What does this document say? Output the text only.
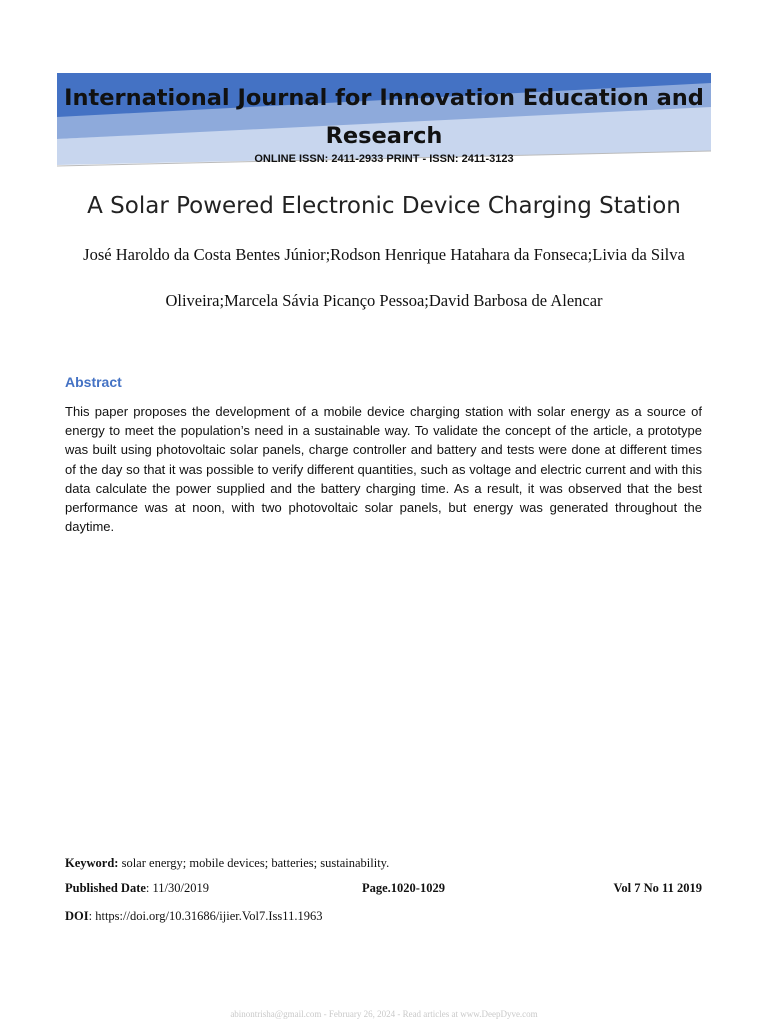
International Journal for Innovation Education and Research
ONLINE ISSN: 2411-2933 PRINT - ISSN: 2411-3123
A Solar Powered Electronic Device Charging Station
José Haroldo da Costa Bentes Júnior;Rodson Henrique Hatahara da Fonseca;Livia da Silva Oliveira;Marcela Sávia Picanço Pessoa;David Barbosa de Alencar
Abstract
This paper proposes the development of a mobile device charging station with solar energy as a source of energy to meet the population’s need in a sustainable way. To validate the concept of the article, a prototype was built using photovoltaic solar panels, charge controller and battery and tests were done at different times of the day so that it was possible to verify different quantities, such as voltage and electric current and with this data calculate the power supplied and the battery charging time. As a result, it was observed that the best performance was at noon, with two photovoltaic solar panels, but energy was generated throughout the daytime.
Keyword: solar energy; mobile devices; batteries; sustainability.
Published Date: 11/30/2019	Page.1020-1029	Vol 7 No 11 2019
DOI: https://doi.org/10.31686/ijier.Vol7.Iss11.1963
abinontrisha@gmail.com - February 26, 2024 - Read articles at www.DeepDyve.com
